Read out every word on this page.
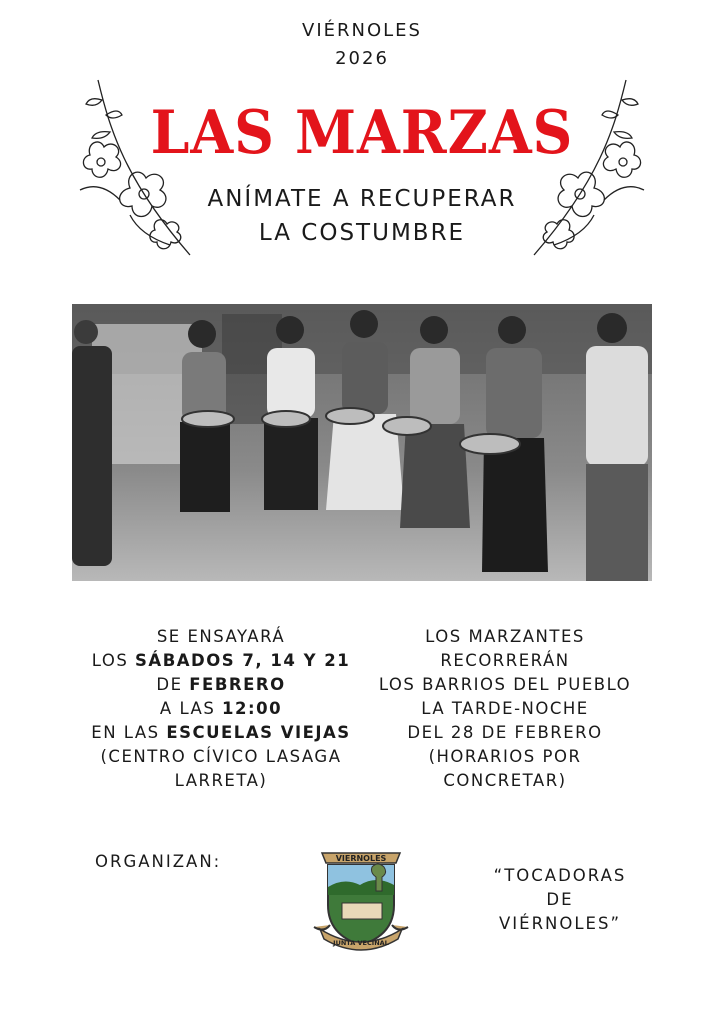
VIÉRNOLES
2026
LAS MARZAS
ANÍMATE A RECUPERAR
LA COSTUMBRE
SE ENSAYARÁ
LOS SÁBADOS 7, 14 Y 21
DE FEBRERO
A LAS 12:00
EN LAS ESCUELAS VIEJAS
(CENTRO CÍVICO LASAGA
LARRETA)
LOS MARZANTES
RECORRERÁN
LOS BARRIOS DEL PUEBLO
LA TARDE-NOCHE
DEL 28 DE FEBRERO
(HORARIOS POR
CONCRETAR)
ORGANIZAN:	VIERNOLES
JUNTA VECINAL
“TOCADORAS
DE
VIÉRNOLES”
